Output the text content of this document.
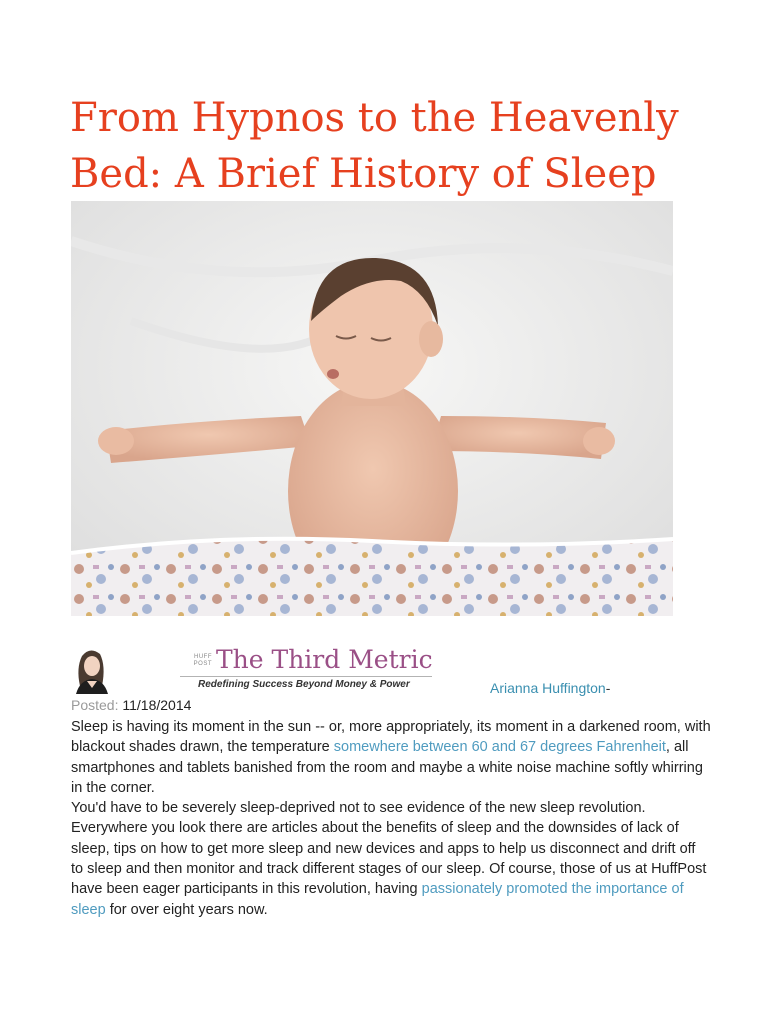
From Hypnos to the Heavenly Bed: A Brief History of Sleep
HUFF POST The Third Metric
Redefining Success Beyond Money & Power	Arianna Huffington-
Posted: 11/18/2014

Sleep is having its moment in the sun -- or, more appropriately, its moment in a darkened room, with blackout shades drawn, the temperature somewhere between 60 and 67 degrees Fahrenheit, all smartphones and tablets banished from the room and maybe a white noise machine softly whirring in the corner.

You'd have to be severely sleep-deprived not to see evidence of the new sleep revolution. Everywhere you look there are articles about the benefits of sleep and the downsides of lack of sleep, tips on how to get more sleep and new devices and apps to help us disconnect and drift off to sleep and then monitor and track different stages of our sleep. Of course, those of us at HuffPost have been eager participants in this revolution, having passionately promoted the importance of sleep for over eight years now.
